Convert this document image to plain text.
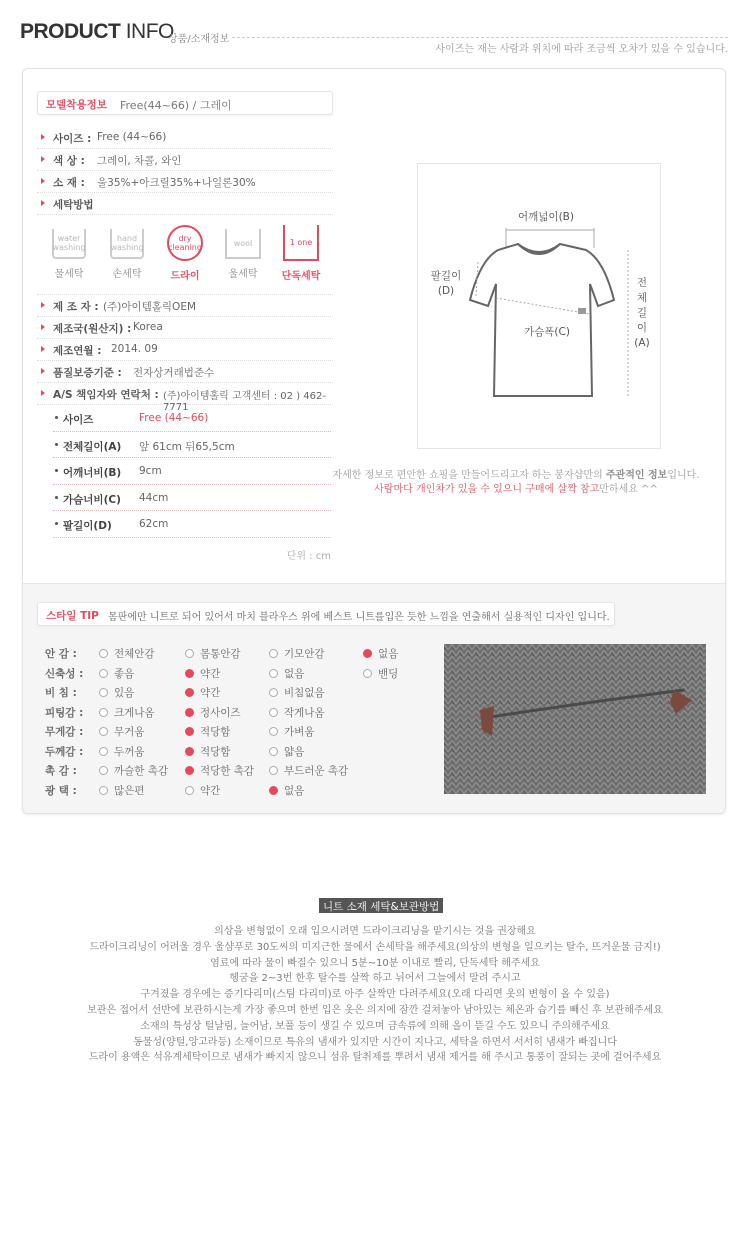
PRODUCT INFO
상품/소재정보
사이즈는 재는 사람과 위치에 따라 조금씩 오차가 있을 수 있습니다.
모델착용정보 Free(44~66) / 그레이
사이즈 : Free (44~66)
색 상 : 그레이, 차콜, 와인
소 재 : 울35%+아크릴35%+나일론30%
세탁방법
water washing
물세탁
hand washing
손세탁
dry cleaning
드라이
wool
울세탁
1 one
단독세탁
제 조 자 : (주)아이템홀릭OEM
제조국(원산지) : Korea
제조연월 : 2014. 09
품질보증기준 : 전자상거래법준수
A/S 책임자와 연락처 : (주)아이템홀릭 고객센터 : 02 ) 462- 7771
사이즈	Free (44~66)
전체길이(A) 앞 61cm 뒤65,5cm
어깨너비(B) 9cm
가슴너비(C) 44cm
팔길이(D)	62cm
단위 : cm
어깨넓이(B)
팔길이
(D)
가슴폭(C)
전
체
길
이
(A)
자세한 정보로 편안한 쇼핑을 만들어드리고자 하는 봉자샵만의 주관적인 정보입니다.
사람마다 개인차가 있을 수 있으니 구매에 살짝 참고만하세요 ^^
스타일 TIP 몸판에만 니트로 되어 있어서 마치 블라우스 위에 베스트 니트를입은 듯한 느낌을 연출해서 실용적인 디자인 입니다.
안 감 :	전체안감	몸통안감	기모안감	없음
신축성 :	좋음	약간	없음	밴딩
비 침 :	있음	약간	비침없음
피팅감 :	크게나옴	정사이즈	작게나옴
무게감 :	무거움	적당함	가벼움
두께감 :	두꺼움	적당함	얇음
촉 감 :	까슬한 촉감	적당한 촉감	부드러운 촉감
광 택 :	많은편	약간	없음
니트 소재 세탁&보관방법
의상을 변형없이 오래 입으시려면 드라이크리닝을 맡기시는 것을 권장해요
드라이크리닝이 어려울 경우 울샴푸로 30도씨의 미지근한 물에서 손세탁을 해주세요(의상의 변형을 일으키는 탈수, 뜨거운물 금지!)
염료에 따라 물이 빠질수 있으니 5분~10분 이내로 빨리, 단독세탁 해주세요
헹굼을 2~3번 한후 탈수를 살짝 하고 뉘어서 그늘에서 말려 주시고
구겨졌을 경우에는 증기다리미(스팀 다리미)로 아주 살짝만 다려주세요(오래 다리면 옷의 변형이 올 수 있음)
보관은 접어서 선반에 보관하시는게 가장 좋으며 한번 입은 옷은 의지에 잠깐 걸쳐놓아 남아있는 체온과 습기를 빼신 후 보관해주세요
소재의 특성상 털날림, 늘어남, 보풀 등이 생길 수 있으며 금속류에 의해 올이 뜯길 수도 있으니 주의해주세요
동물성(양털,앙고라등) 소재이므로 특유의 냄새가 있지만 시간이 지나고, 세탁을 하면서 서서히 냄새가 빠집니다
드라이 용액은 석유계세탁이므로 냄새가 빠지지 않으니 섬유 탈취제를 뿌려서 냄새 제거를 해 주시고 통풍이 잘되는 곳에 걸어주세요
